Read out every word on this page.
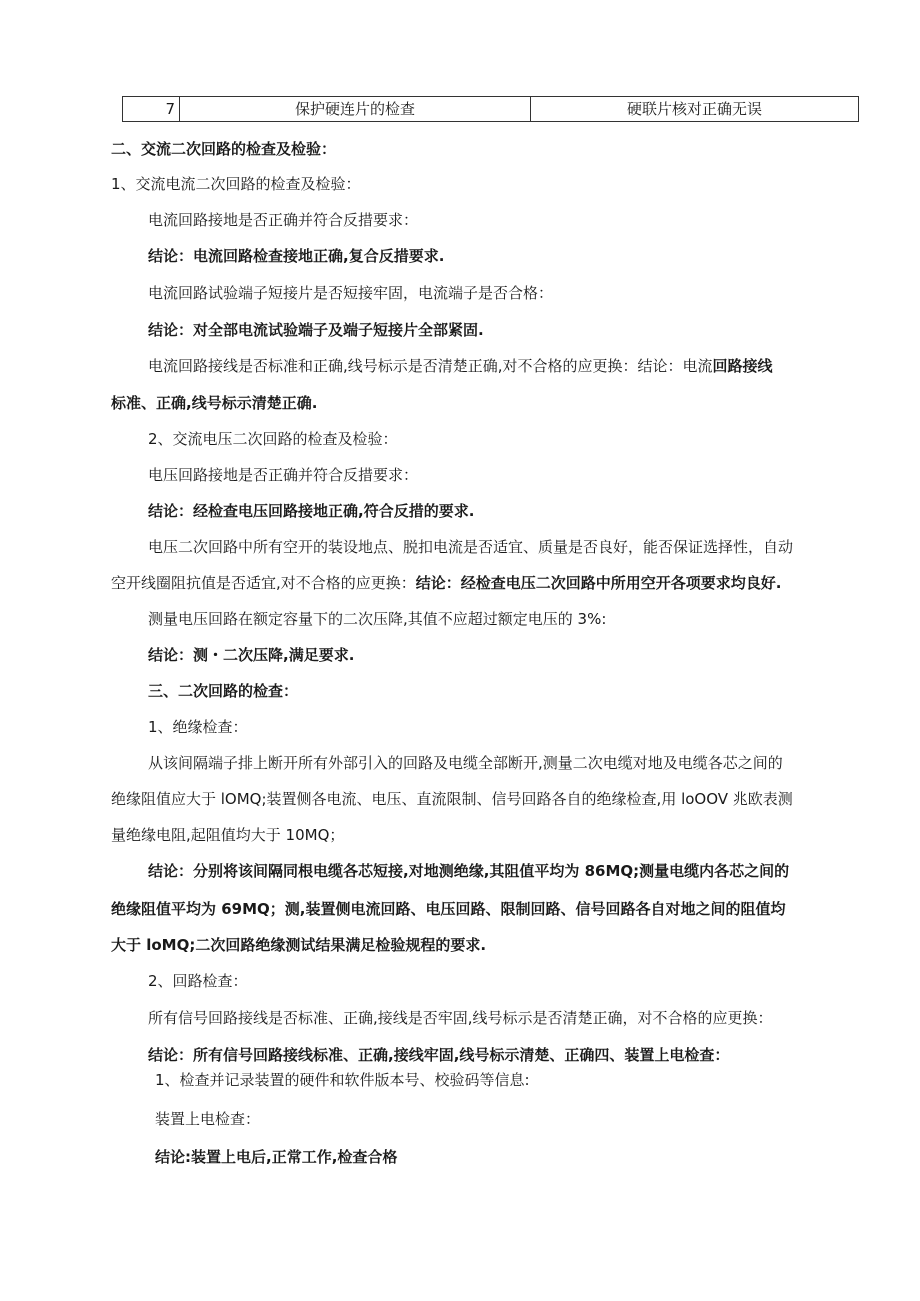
7	保护硬连片的检查	硬联片核对正确无误
二、交流二次回路的检查及检验：
1、交流电流二次回路的检查及检验：
电流回路接地是否正确并符合反措要求：
结论：电流回路检查接地正确,复合反措要求.
电流回路试验端子短接片是否短接牢固，电流端子是否合格：
结论：对全部电流试验端子及端子短接片全部紧固.
电流回路接线是否标准和正确,线号标示是否清楚正确,对不合格的应更换：结论：电流回路接线
标准、正确,线号标示清楚正确.
2、交流电压二次回路的检查及检验：
电压回路接地是否正确并符合反措要求：
结论：经检查电压回路接地正确,符合反措的要求.
电压二次回路中所有空开的装设地点、脱扣电流是否适宜、质量是否良好，能否保证选择性，自动
空开线圈阻抗值是否适宜,对不合格的应更换：结论：经检查电压二次回路中所用空开各项要求均良好.
测量电压回路在额定容量下的二次压降,其值不应超过额定电压的 3%:
结论：测・二次压降,满足要求.
三、二次回路的检查：
1、绝缘检查：
从该间隔端子排上断开所有外部引入的回路及电缆全部断开,测量二次电缆对地及电缆各芯之间的
绝缘阻值应大于 lOMQ;装置侧各电流、电压、直流限制、信号回路各自的绝缘检查,用 loOOV 兆欧表测
量绝缘电阻,起阻值均大于 10MQ；
结论：分别将该间隔同根电缆各芯短接,对地测绝缘,其阻值平均为 86MQ;测量电缆内各芯之间的
绝缘阻值平均为 69MQ；测,装置侧电流回路、电压回路、限制回路、信号回路各自对地之间的阻值均
大于 loMQ;二次回路绝缘测试结果满足检验规程的要求.
2、回路检查：
所有信号回路接线是否标准、正确,接线是否牢固,线号标示是否清楚正确，对不合格的应更换：
结论：所有信号回路接线标准、正确,接线牢固,线号标示清楚、正确四、装置上电检查：
1、检查并记录装置的硬件和软件版本号、校验码等信息:
装置上电检查：
结论:装置上电后,正常工作,检查合格
